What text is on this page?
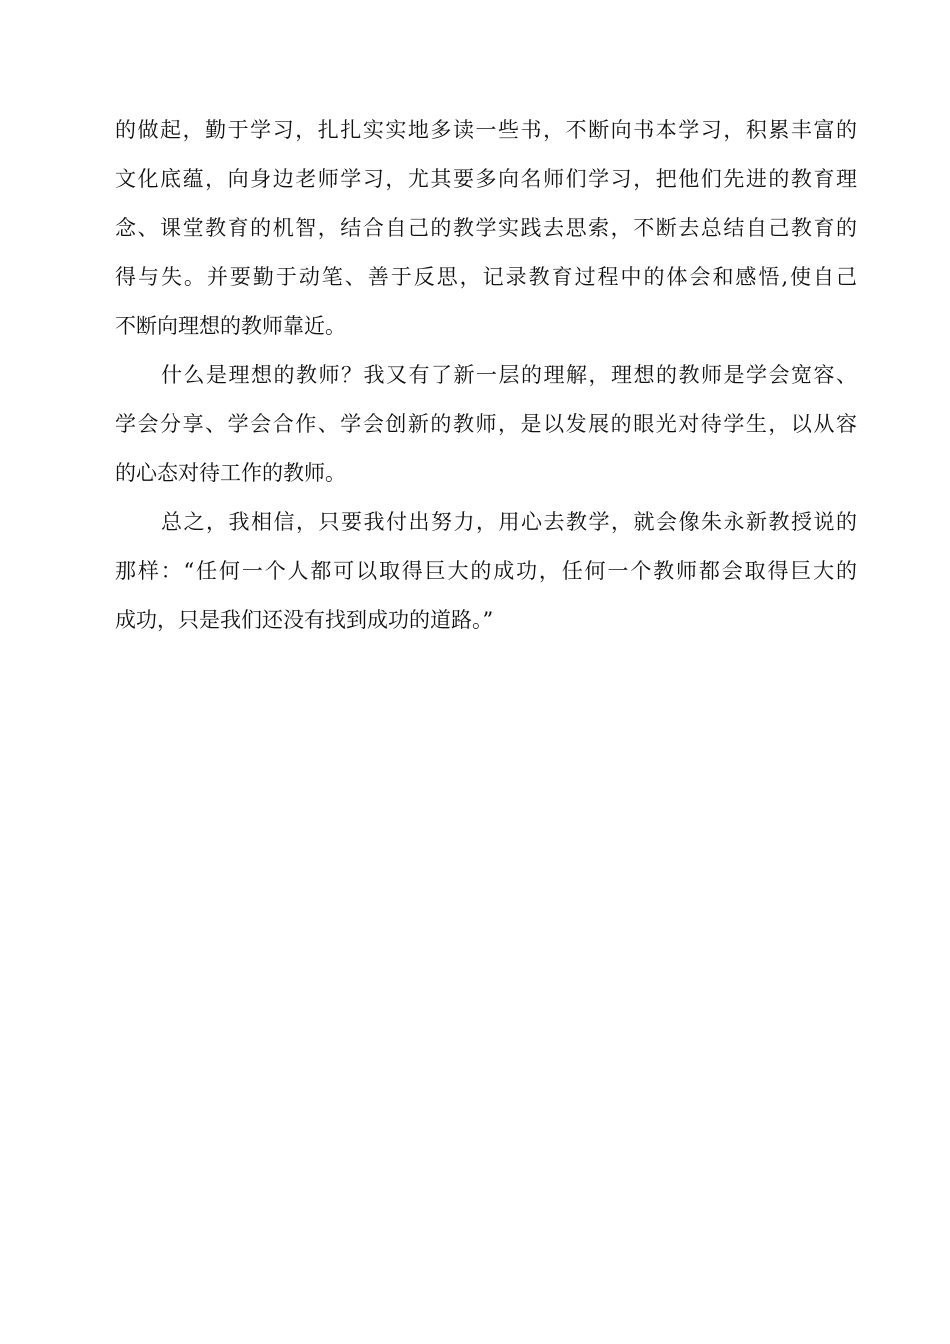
的做起，勤于学习，扎扎实实地多读一些书，不断向书本学习，积累丰富的
文化底蕴，向身边老师学习，尤其要多向名师们学习，把他们先进的教育理
念、课堂教育的机智，结合自己的教学实践去思索，不断去总结自己教育的
得与失。并要勤于动笔、善于反思，记录教育过程中的体会和感悟,使自己
不断向理想的教师靠近。
什么是理想的教师？我又有了新一层的理解，理想的教师是学会宽容、
学会分享、学会合作、学会创新的教师，是以发展的眼光对待学生，以从容
的心态对待工作的教师。
总之，我相信，只要我付出努力，用心去教学，就会像朱永新教授说的
那样：“任何一个人都可以取得巨大的成功，任何一个教师都会取得巨大的
成功，只是我们还没有找到成功的道路。”
